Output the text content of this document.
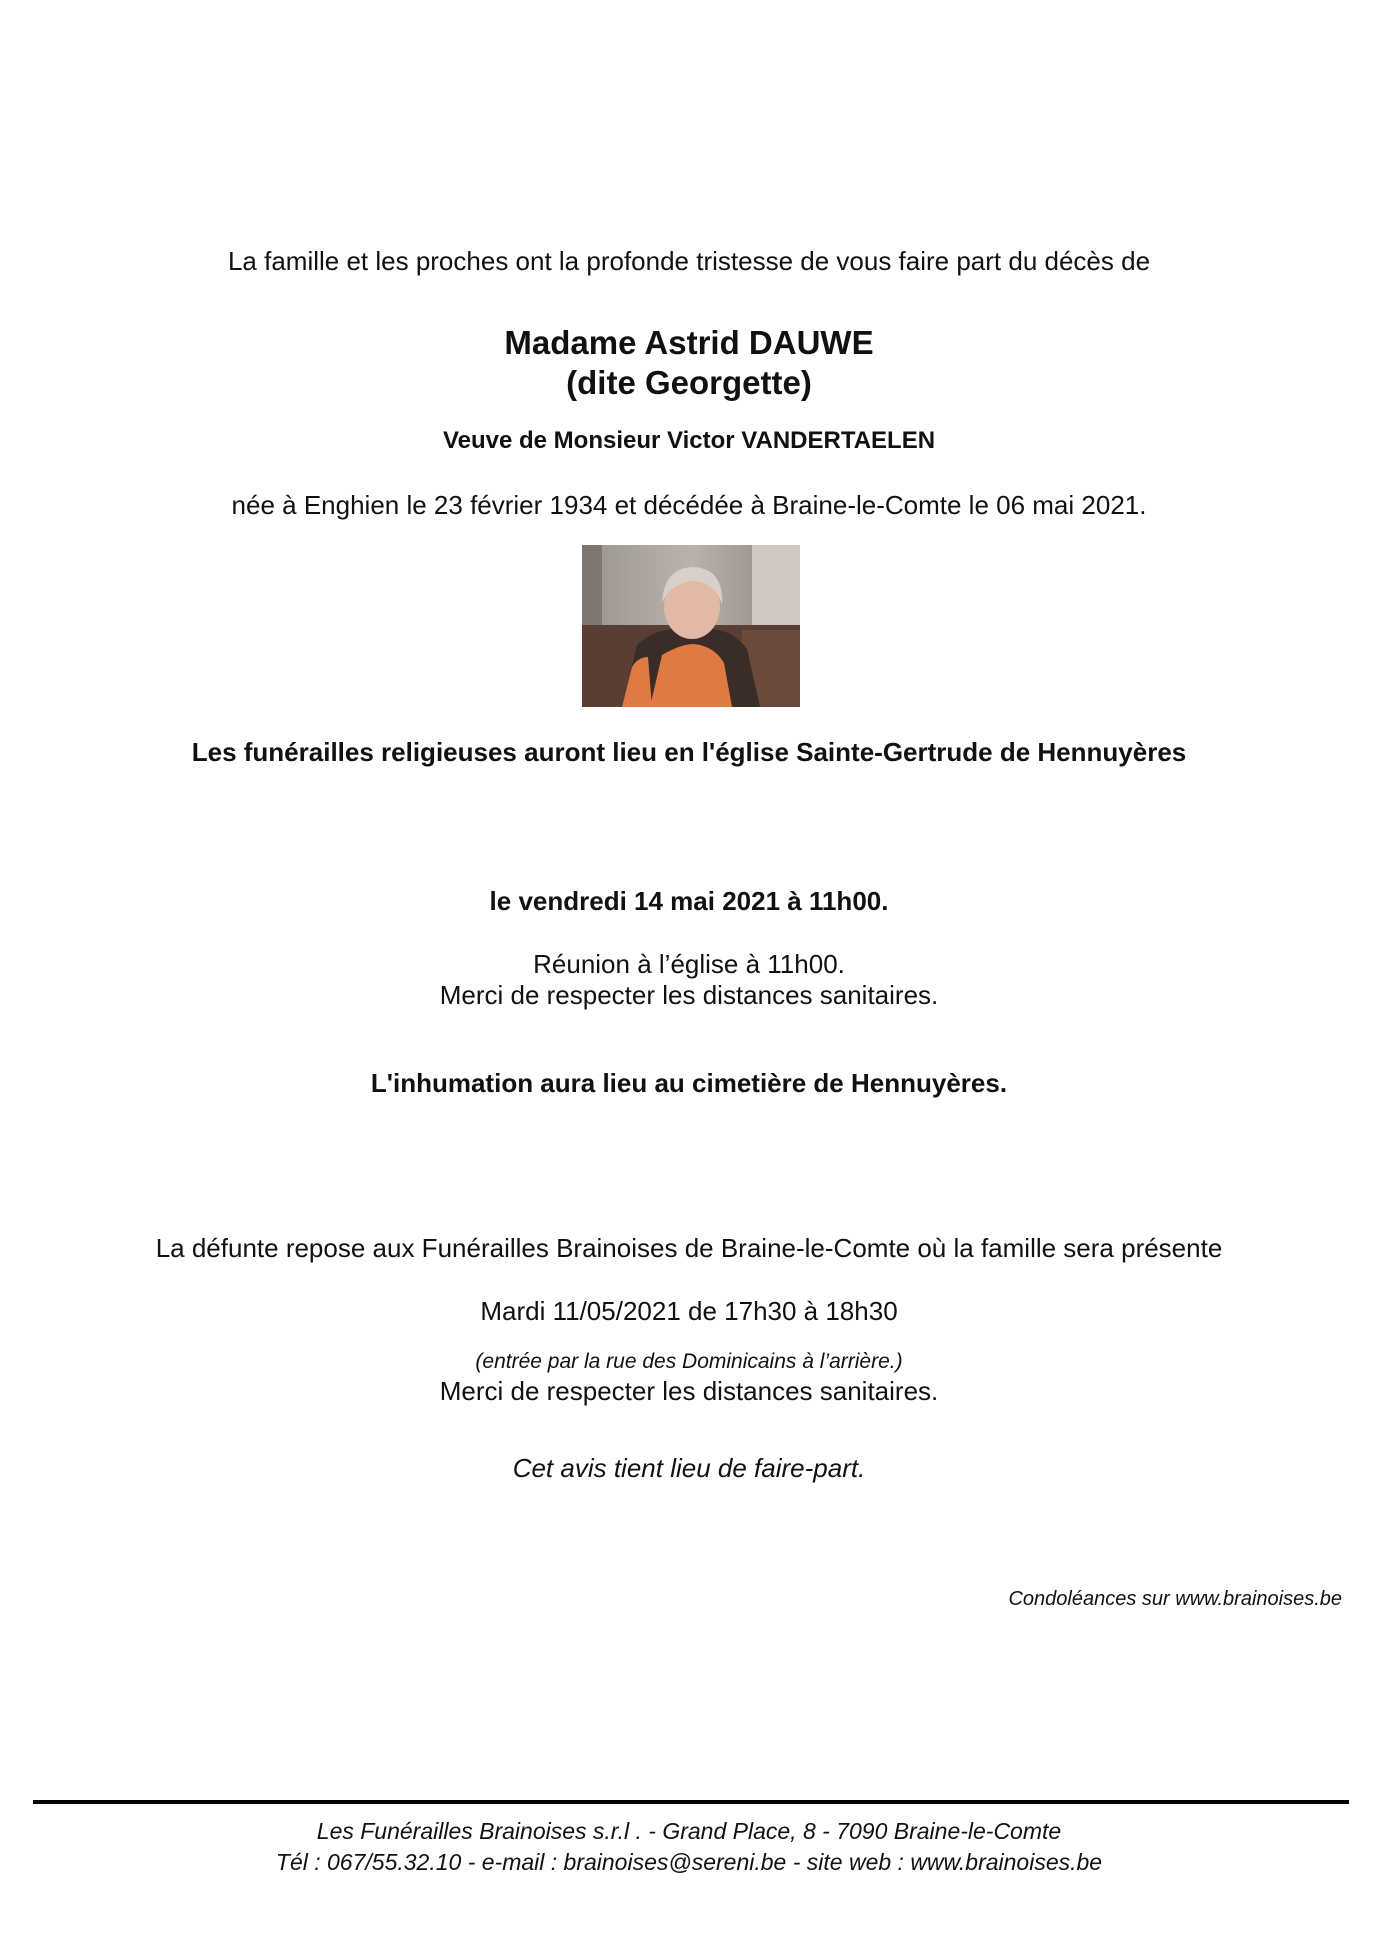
La famille et les proches ont la profonde tristesse de vous faire part du décès de
Madame Astrid DAUWE
(dite Georgette)
Veuve de Monsieur Victor VANDERTAELEN
née à Enghien le 23 février 1934 et décédée à Braine-le-Comte le 06 mai 2021.
Les funérailles religieuses auront lieu en l'église Sainte-Gertrude de Hennuyères
le vendredi 14 mai 2021 à 11h00.
Réunion à l’église à 11h00.
Merci de respecter les distances sanitaires.
L'inhumation aura lieu au cimetière de Hennuyères.
La défunte repose aux Funérailles Brainoises de Braine-le-Comte où la famille sera présente
Mardi 11/05/2021 de 17h30 à 18h30
(entrée par la rue des Dominicains à l’arrière.)
Merci de respecter les distances sanitaires.
Cet avis tient lieu de faire-part.
Condoléances sur www.brainoises.be
Les Funérailles Brainoises s.r.l . - Grand Place, 8 - 7090 Braine-le-Comte
Tél : 067/55.32.10 - e-mail : brainoises@sereni.be - site web : www.brainoises.be
